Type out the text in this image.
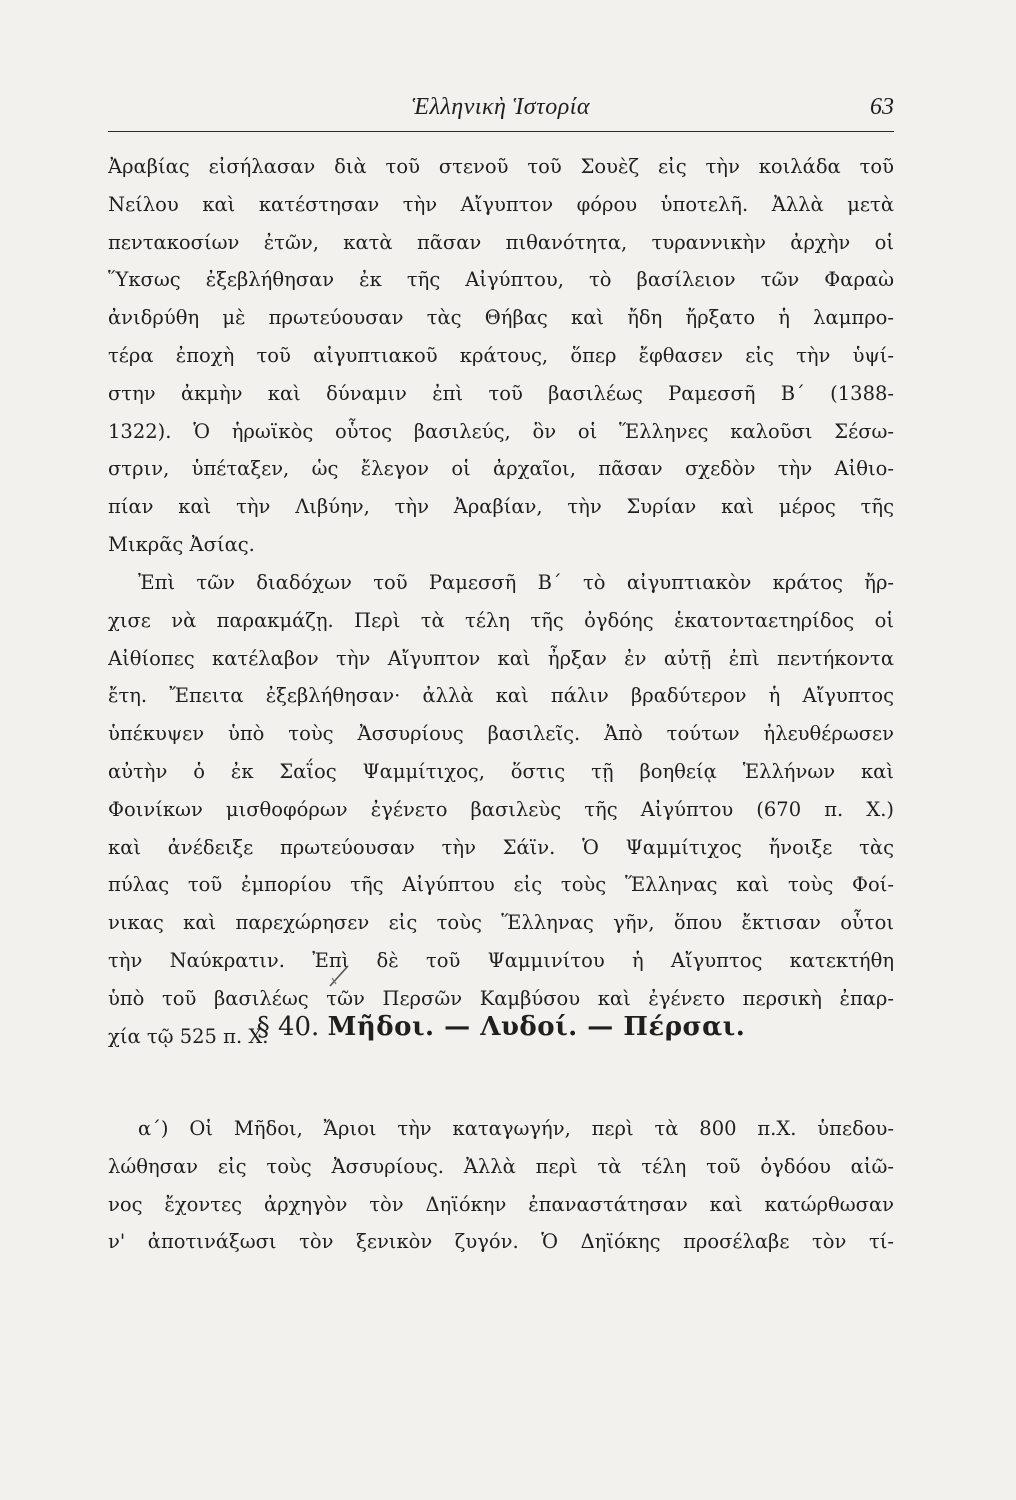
Ἑλληνικὴ Ἱστορία	63
Ἀραβίας εἰσήλασαν διὰ τοῦ στενοῦ τοῦ Σουὲζ εἰς τὴν κοιλάδα τοῦ
Νείλου καὶ κατέστησαν τὴν Αἴγυπτον φόρου ὑποτελῆ. Ἀλλὰ μετὰ
πεντακοσίων ἐτῶν, κατὰ πᾶσαν πιθανότητα, τυραννικὴν ἀρχὴν οἱ
Ὕκσως ἐξεβλήθησαν ἐκ τῆς Αἰγύπτου, τὸ βασίλειον τῶν Φαραὼ
ἀνιδρύθη μὲ πρωτεύουσαν τὰς Θήβας καὶ ἤδη ἤρξατο ἡ λαμπρο-
τέρα ἐποχὴ τοῦ αἰγυπτιακοῦ κράτους, ὅπερ ἔφθασεν εἰς τὴν ὑψί-
στην ἀκμὴν καὶ δύναμιν ἐπὶ τοῦ βασιλέως Ραμεσσῆ Β΄ (1388-
1322). Ὁ ἡρωϊκὸς οὗτος βασιλεύς, ὃν οἱ Ἕλληνες καλοῦσι Σέσω-
στριν, ὑπέταξεν, ὡς ἔλεγον οἱ ἀρχαῖοι, πᾶσαν σχεδὸν τὴν Αἰθιο-
πίαν καὶ τὴν Λιβύην, τὴν Ἀραβίαν, τὴν Συρίαν καὶ μέρος τῆς
Μικρᾶς Ἀσίας.
Ἐπὶ τῶν διαδόχων τοῦ Ραμεσσῆ Β΄ τὸ αἰγυπτιακὸν κράτος ἤρ-
χισε νὰ παρακμάζῃ. Περὶ τὰ τέλη τῆς ὀγδόης ἑκατονταετηρίδος οἱ
Αἰθίοπες κατέλαβον τὴν Αἴγυπτον καὶ ἦρξαν ἐν αὐτῇ ἐπὶ πεντήκοντα
ἔτη. Ἔπειτα ἐξεβλήθησαν· ἀλλὰ καὶ πάλιν βραδύτερον ἡ Αἴγυπτος
ὑπέκυψεν ὑπὸ τοὺς Ἀσσυρίους βασιλεῖς. Ἀπὸ τούτων ἠλευθέρωσεν
αὐτὴν ὁ ἐκ Σαΐος Ψαμμίτιχος, ὅστις τῇ βοηθείᾳ Ἑλλήνων καὶ
Φοινίκων μισθοφόρων ἐγένετο βασιλεὺς τῆς Αἰγύπτου (670 π. Χ.)
καὶ ἀνέδειξε πρωτεύουσαν τὴν Σάϊν. Ὁ Ψαμμίτιχος ἤνοιξε τὰς
πύλας τοῦ ἐμπορίου τῆς Αἰγύπτου εἰς τοὺς Ἕλληνας καὶ τοὺς Φοί-
νικας καὶ παρεχώρησεν εἰς τοὺς Ἕλληνας γῆν, ὅπου ἔκτισαν οὗτοι
τὴν Ναύκρατιν. Ἐπὶ δὲ τοῦ Ψαμμινίτου ἡ Αἴγυπτος κατεκτήθη
ὑπὸ τοῦ βασιλέως τῶν Περσῶν Καμβύσου καὶ ἐγένετο περσικὴ ἐπαρ-
χία τῷ 525 π. Χ.
§ 40. Μῆδοι. — Λυδοί. — Πέρσαι.
α΄) Οἱ Μῆδοι, Ἄριοι τὴν καταγωγήν, περὶ τὰ 800 π.Χ. ὑπεδου-
λώθησαν εἰς τοὺς Ἀσσυρίους. Ἀλλὰ περὶ τὰ τέλη τοῦ ὀγδόου αἰῶ-
νος ἔχοντες ἀρχηγὸν τὸν Δηϊόκην ἐπαναστάτησαν καὶ κατώρθωσαν
ν' ἀποτινάξωσι τὸν ξενικὸν ζυγόν. Ὁ Δηϊόκης προσέλαβε τὸν τί-
